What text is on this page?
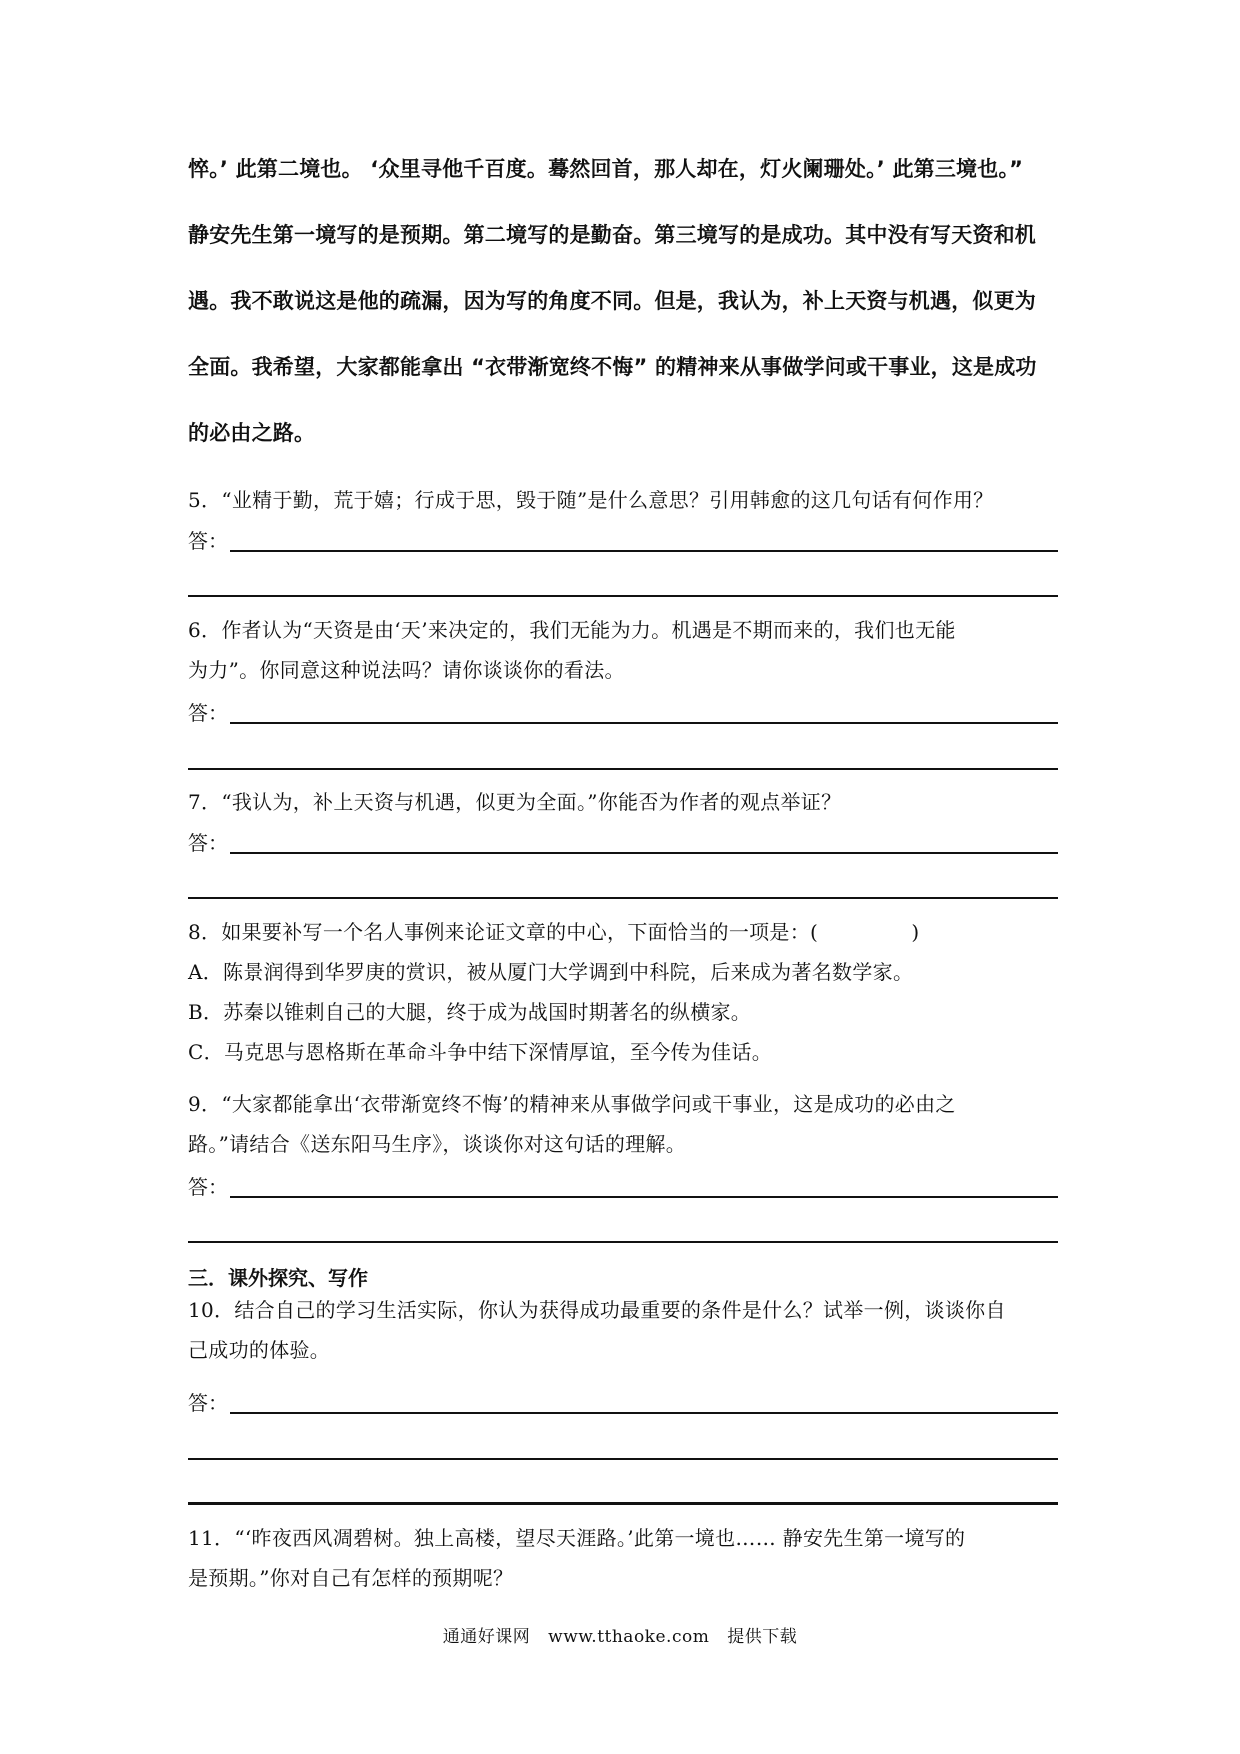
悴。’ 此第二境也。 ‘众里寻他千百度。蓦然回首，那人却在，灯火阑珊处。’ 此第三境也。”
静安先生第一境写的是预期。第二境写的是勤奋。第三境写的是成功。其中没有写天资和机
遇。我不敢说这是他的疏漏，因为写的角度不同。但是，我认为，补上天资与机遇，似更为
全面。我希望，大家都能拿出 “衣带渐宽终不悔” 的精神来从事做学问或干事业，这是成功
的必由之路。
5．“业精于勤，荒于嬉；行成于思，毁于随”是什么意思？引用韩愈的这几句话有何作用？
答：
6．作者认为“天资是由‘天’来决定的，我们无能为力。机遇是不期而来的，我们也无能
为力”。你同意这种说法吗？请你谈谈你的看法。
答：
7．“我认为，补上天资与机遇，似更为全面。”你能否为作者的观点举证？
答：
8．如果要补写一个名人事例来论证文章的中心，下面恰当的一项是：(              )
A．陈景润得到华罗庚的赏识，被从厦门大学调到中科院，后来成为著名数学家。
B．苏秦以锥刺自己的大腿，终于成为战国时期著名的纵横家。
C．马克思与恩格斯在革命斗争中结下深情厚谊，至今传为佳话。
9．“大家都能拿出‘衣带渐宽终不悔’的精神来从事做学问或干事业，这是成功的必由之
路。”请结合《送东阳马生序》，谈谈你对这句话的理解。
答：
三．课外探究、写作
10．结合自己的学习生活实际，你认为获得成功最重要的条件是什么？试举一例，谈谈你自
己成功的体验。
答：
11．“‘昨夜西风凋碧树。独上高楼，望尽天涯路。’此第一境也…… 静安先生第一境写的
是预期。”你对自己有怎样的预期呢？
通通好课网 www.tthaoke.com 提供下载
